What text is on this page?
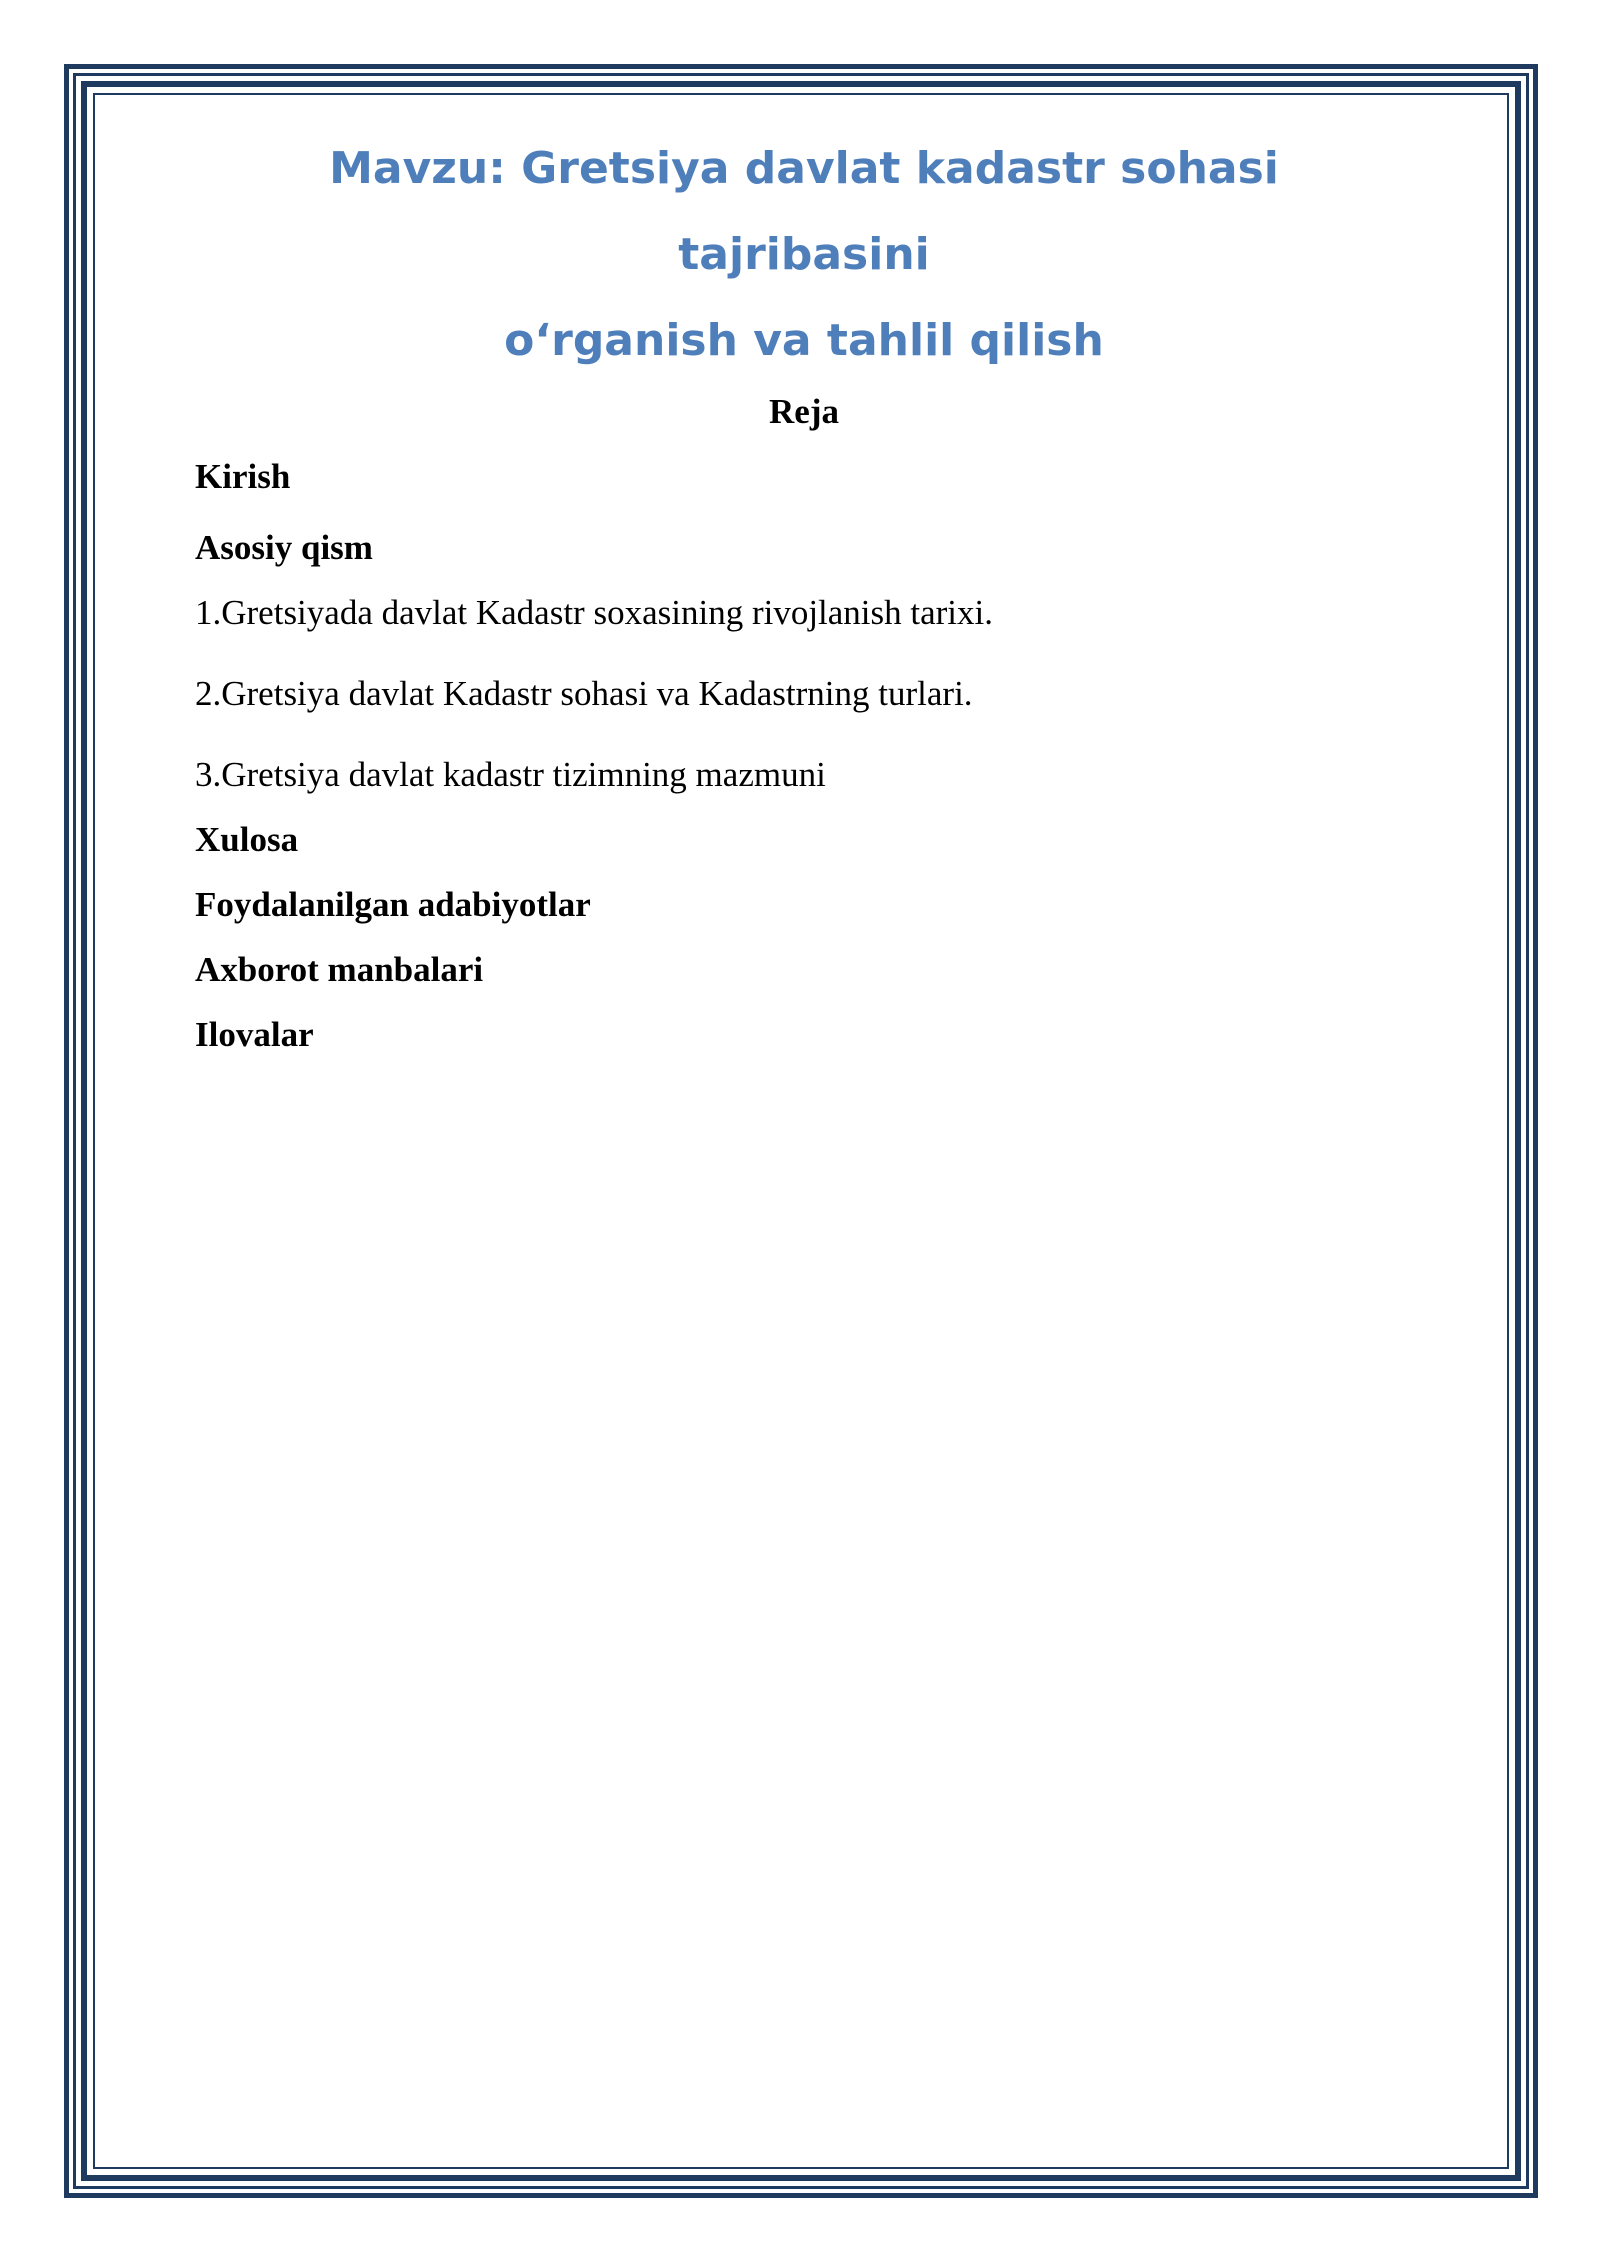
Mavzu: Gretsiya davlat kadastr sohasi tajribasini
o‘rganish va tahlil qilish
Reja
Kirish
Asosiy qism
1.Gretsiyada davlat Kadastr soxasining rivojlanish tarixi.
2.Gretsiya davlat Kadastr sohasi va Kadastrning turlari.
3.Gretsiya davlat kadastr tizimning mazmuni
Xulosa
Foydalanilgan adabiyotlar
Axborot manbalari
Ilovalar
